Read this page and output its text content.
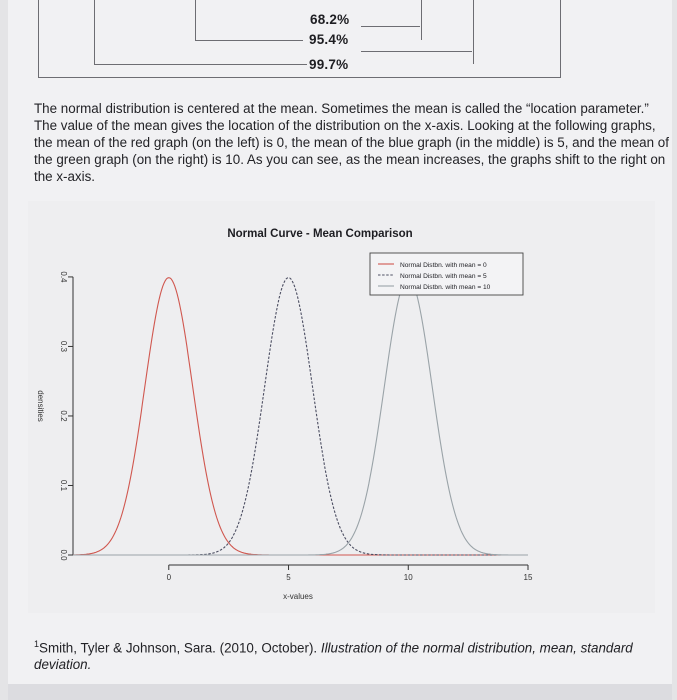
68.2%
95.4%
99.7%

The normal distribution is centered at the mean. Sometimes the mean is called the “location parameter.” The value of the mean gives the location of the distribution on the x-axis. Looking at the following graphs, the mean of the red graph (on the left) is 0, the mean of the blue graph (in the middle) is 5, and the mean of the green graph (on the right) is 10. As you can see, as the mean increases, the graphs shift to the right on the x-axis.

Normal Curve - Mean Comparison
0.0
0.1
0.2
0.3
0.4
densities
0	5	10	15
x-values
Normal Distbn. with mean = 0
Normal Distbn. with mean = 5
Normal Distbn. with mean = 10
$^1$Smith, Tyler & Johnson, Sara. (2010, October). Illustration of the normal distribution, mean, standard deviation.
